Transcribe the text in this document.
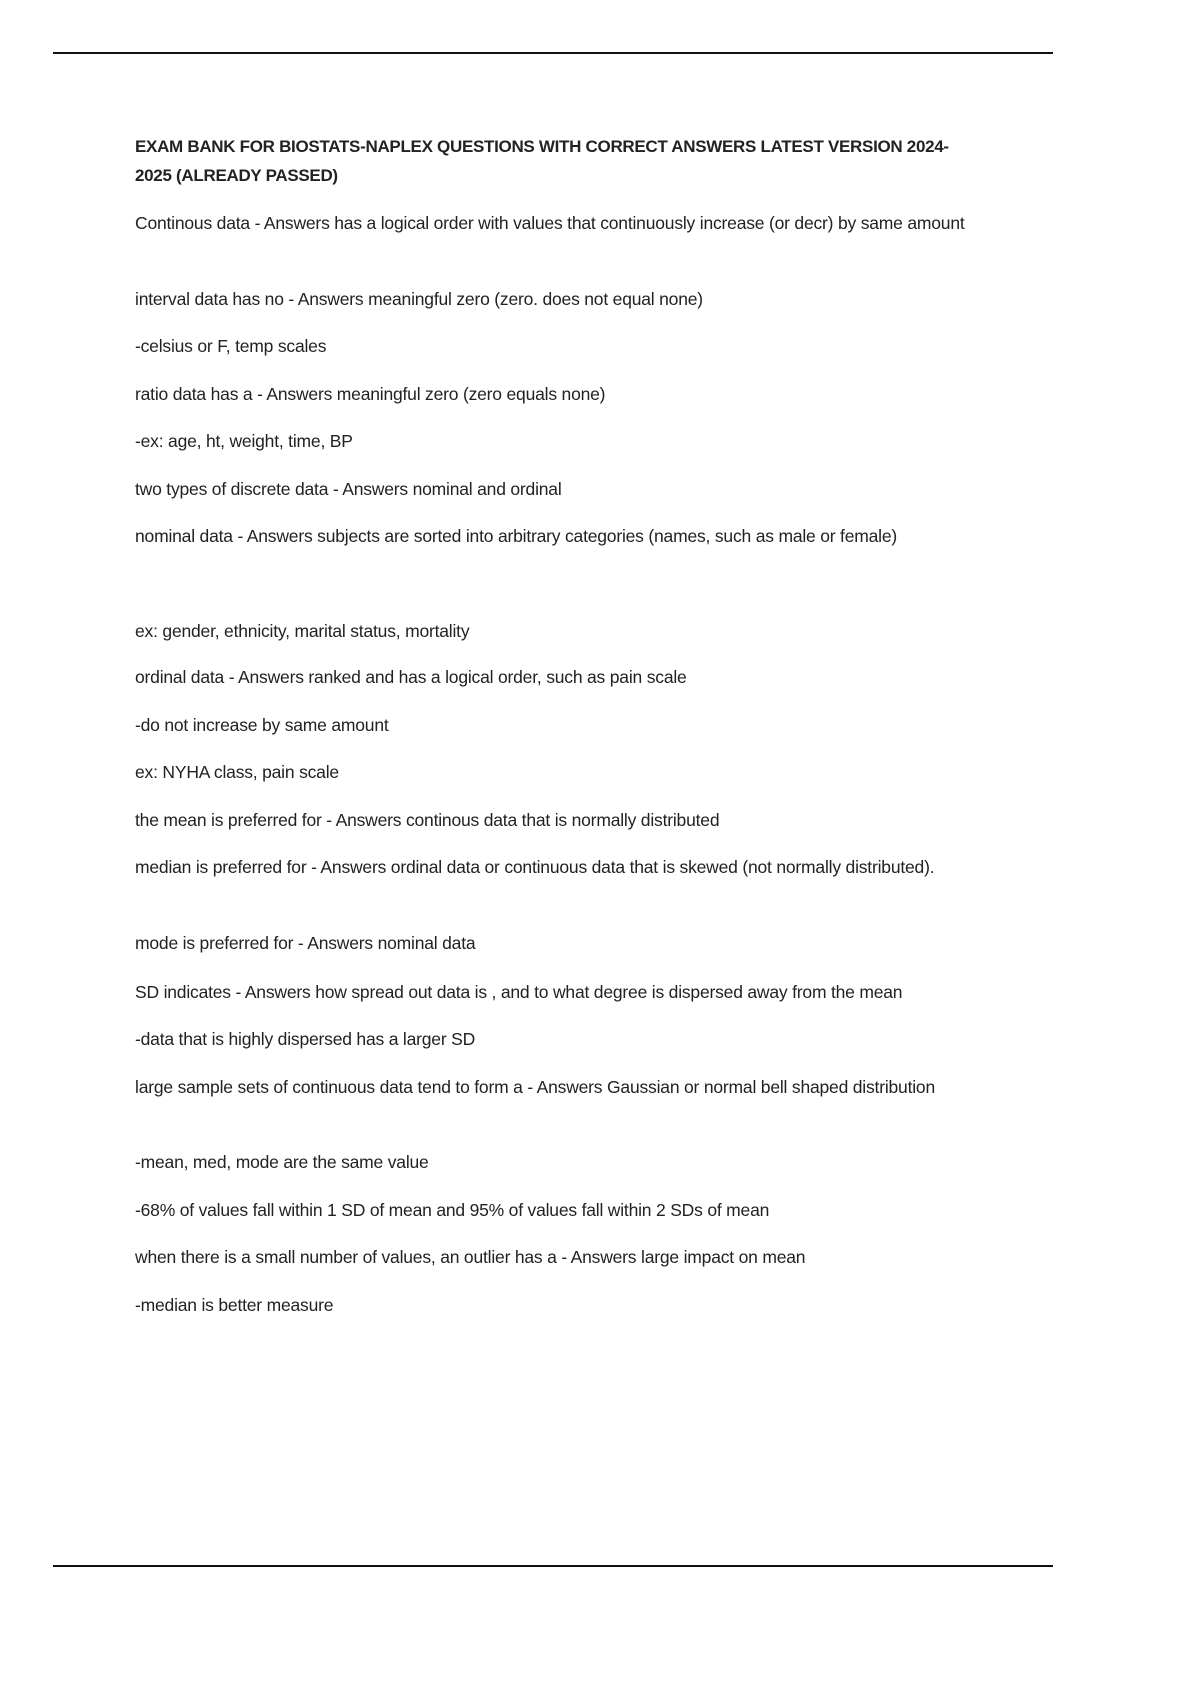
EXAM BANK FOR BIOSTATS-NAPLEX QUESTIONS WITH CORRECT ANSWERS LATEST VERSION 2024-2025 (ALREADY PASSED)
Continous data - Answers has a logical order with values that continuously increase (or decr) by same amount
interval data has no - Answers meaningful zero (zero. does not equal none)
-celsius or F, temp scales
ratio data has a - Answers meaningful zero (zero equals none)
-ex: age, ht, weight, time, BP
two types of discrete data - Answers nominal and ordinal
nominal data - Answers subjects are sorted into arbitrary categories (names, such as male or female)
ex: gender, ethnicity, marital status, mortality
ordinal data - Answers ranked and has a logical order, such as pain scale
-do not increase by same amount
ex: NYHA class, pain scale
the mean is preferred for - Answers continous data that is normally distributed
median is preferred for - Answers ordinal data or continuous data that is skewed (not normally distributed).
mode is preferred for - Answers nominal data
SD indicates - Answers how spread out data is , and to what degree is dispersed away from the mean
-data that is highly dispersed has a larger SD
large sample sets of continuous data tend to form a - Answers Gaussian or normal bell shaped distribution
-mean, med, mode are the same value
-68% of values fall within 1 SD of mean and 95% of values fall within 2 SDs of mean
when there is a small number of values, an outlier has a - Answers large impact on mean
-median is better measure
